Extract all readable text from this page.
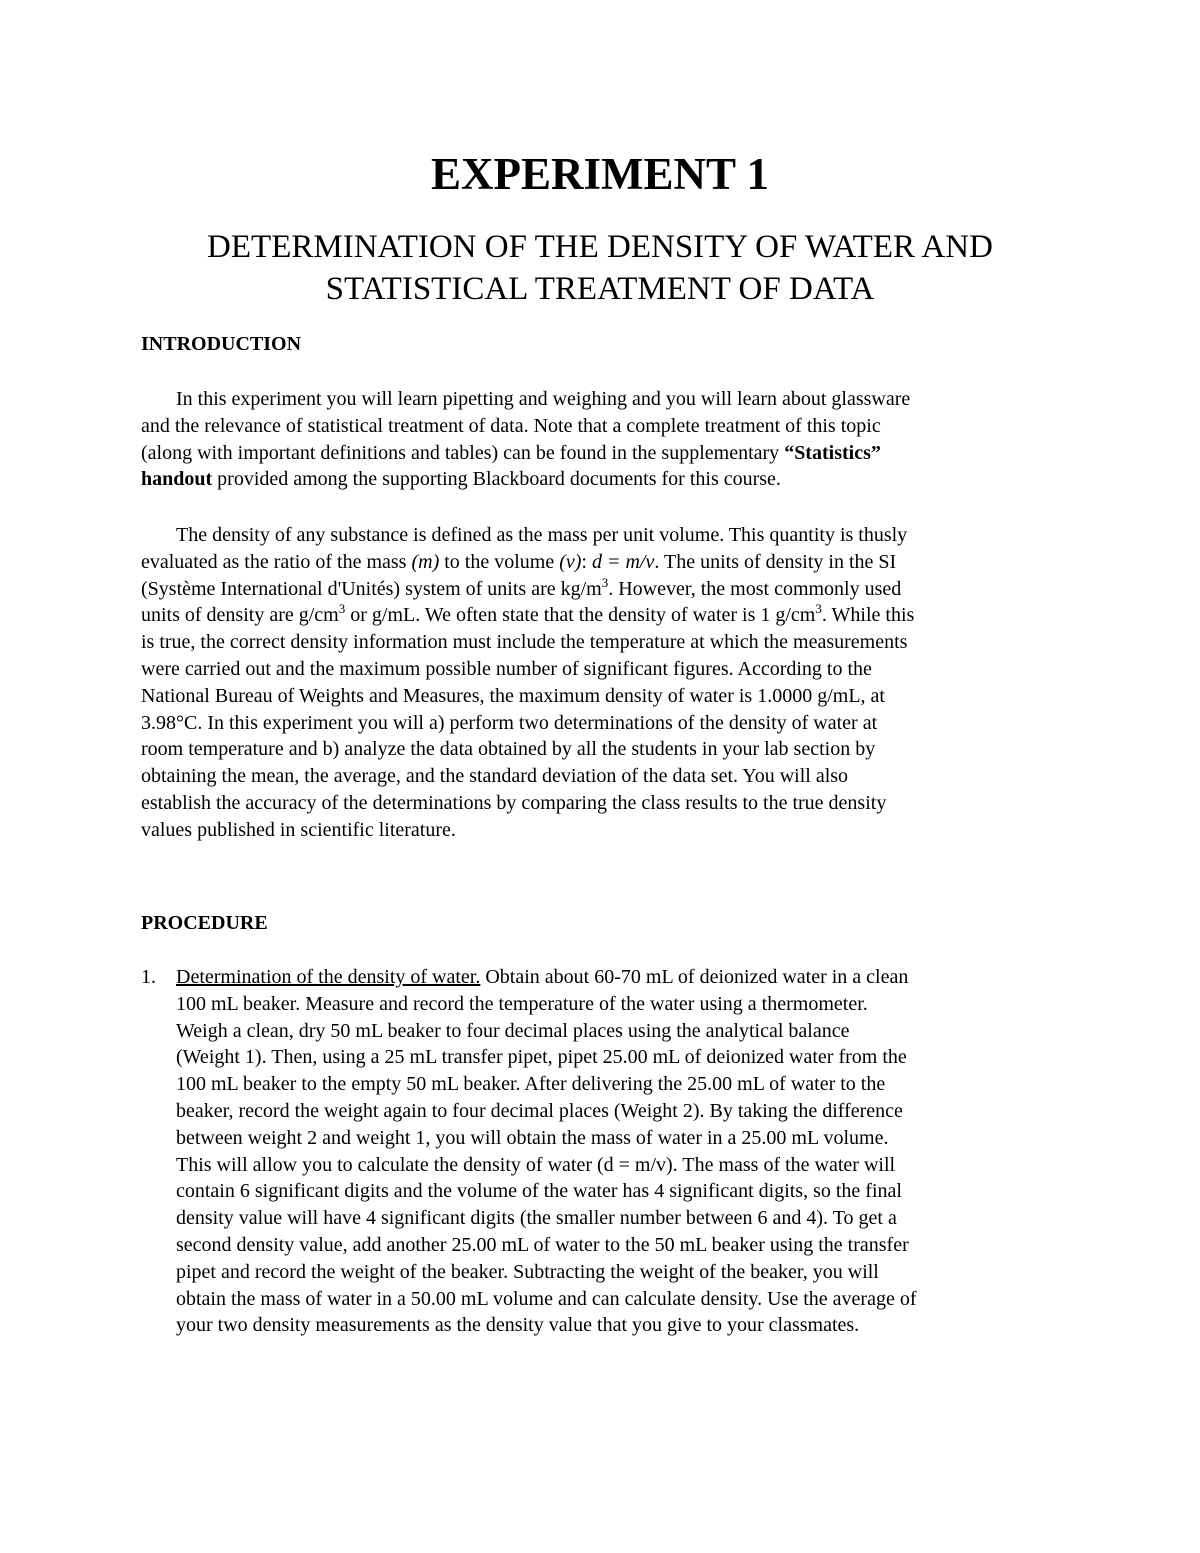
EXPERIMENT 1
DETERMINATION OF THE DENSITY OF WATER AND
STATISTICAL TREATMENT OF DATA
INTRODUCTION
In this experiment you will learn pipetting and weighing and you will learn about glassware
and the relevance of statistical treatment of data. Note that a complete treatment of this topic
(along with important definitions and tables) can be found in the supplementary “Statistics”
handout provided among the supporting Blackboard documents for this course.
The density of any substance is defined as the mass per unit volume. This quantity is thusly
evaluated as the ratio of the mass (m) to the volume (v): d = m/v. The units of density in the SI
(Système International d'Unités) system of units are $kg/m^3$. However, the most commonly used
units of density are $g/cm^3$ or g/mL. We often state that the density of water is 1 $g/cm^3$. While this
is true, the correct density information must include the temperature at which the measurements
were carried out and the maximum possible number of significant figures. According to the
National Bureau of Weights and Measures, the maximum density of water is 1.0000 g/mL, at
3.98°C. In this experiment you will a) perform two determinations of the density of water at
room temperature and b) analyze the data obtained by all the students in your lab section by
obtaining the mean, the average, and the standard deviation of the data set. You will also
establish the accuracy of the determinations by comparing the class results to the true density
values published in scientific literature.
PROCEDURE
1. Determination of the density of water. Obtain about 60-70 mL of deionized water in a clean
100 mL beaker. Measure and record the temperature of the water using a thermometer.
Weigh a clean, dry 50 mL beaker to four decimal places using the analytical balance
(Weight 1). Then, using a 25 mL transfer pipet, pipet 25.00 mL of deionized water from the
100 mL beaker to the empty 50 mL beaker. After delivering the 25.00 mL of water to the
beaker, record the weight again to four decimal places (Weight 2). By taking the difference
between weight 2 and weight 1, you will obtain the mass of water in a 25.00 mL volume.
This will allow you to calculate the density of water (d = m/v). The mass of the water will
contain 6 significant digits and the volume of the water has 4 significant digits, so the final
density value will have 4 significant digits (the smaller number between 6 and 4). To get a
second density value, add another 25.00 mL of water to the 50 mL beaker using the transfer
pipet and record the weight of the beaker. Subtracting the weight of the beaker, you will
obtain the mass of water in a 50.00 mL volume and can calculate density. Use the average of
your two density measurements as the density value that you give to your classmates.
